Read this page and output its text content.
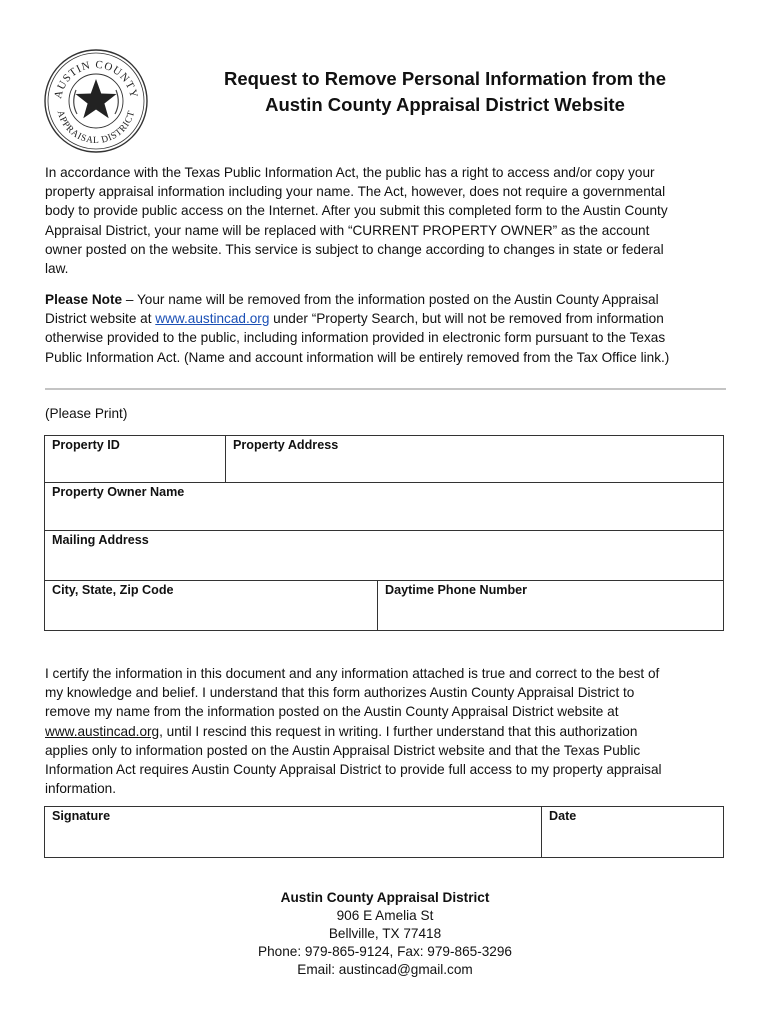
AUSTIN COUNTY
APPRAISAL DISTRICT
Request to Remove Personal Information from the
Austin County Appraisal District Website
In accordance with the Texas Public Information Act, the public has a right to access and/or copy your
property appraisal information including your name. The Act, however, does not require a governmental
body to provide public access on the Internet. After you submit this completed form to the Austin County
Appraisal District, your name will be replaced with “CURRENT PROPERTY OWNER” as the account
owner posted on the website. This service is subject to change according to changes in state or federal
law.
Please Note – Your name will be removed from the information posted on the Austin County Appraisal
District website at www.austincad.org under “Property Search, but will not be removed from information
otherwise provided to the public, including information provided in electronic form pursuant to the Texas
Public Information Act. (Name and account information will be entirely removed from the Tax Office link.)
(Please Print)
Property ID	Property Address
Property Owner Name
Mailing Address
City, State, Zip Code	Daytime Phone Number
I certify the information in this document and any information attached is true and correct to the best of
my knowledge and belief. I understand that this form authorizes Austin County Appraisal District to
remove my name from the information posted on the Austin County Appraisal District website at
www.austincad.org, until I rescind this request in writing. I further understand that this authorization
applies only to information posted on the Austin Appraisal District website and that the Texas Public
Information Act requires Austin County Appraisal District to provide full access to my property appraisal
information.
Signature	Date
Austin County Appraisal District
906 E Amelia St
Bellville, TX 77418
Phone: 979-865-9124, Fax: 979-865-3296
Email: austincad@gmail.com
